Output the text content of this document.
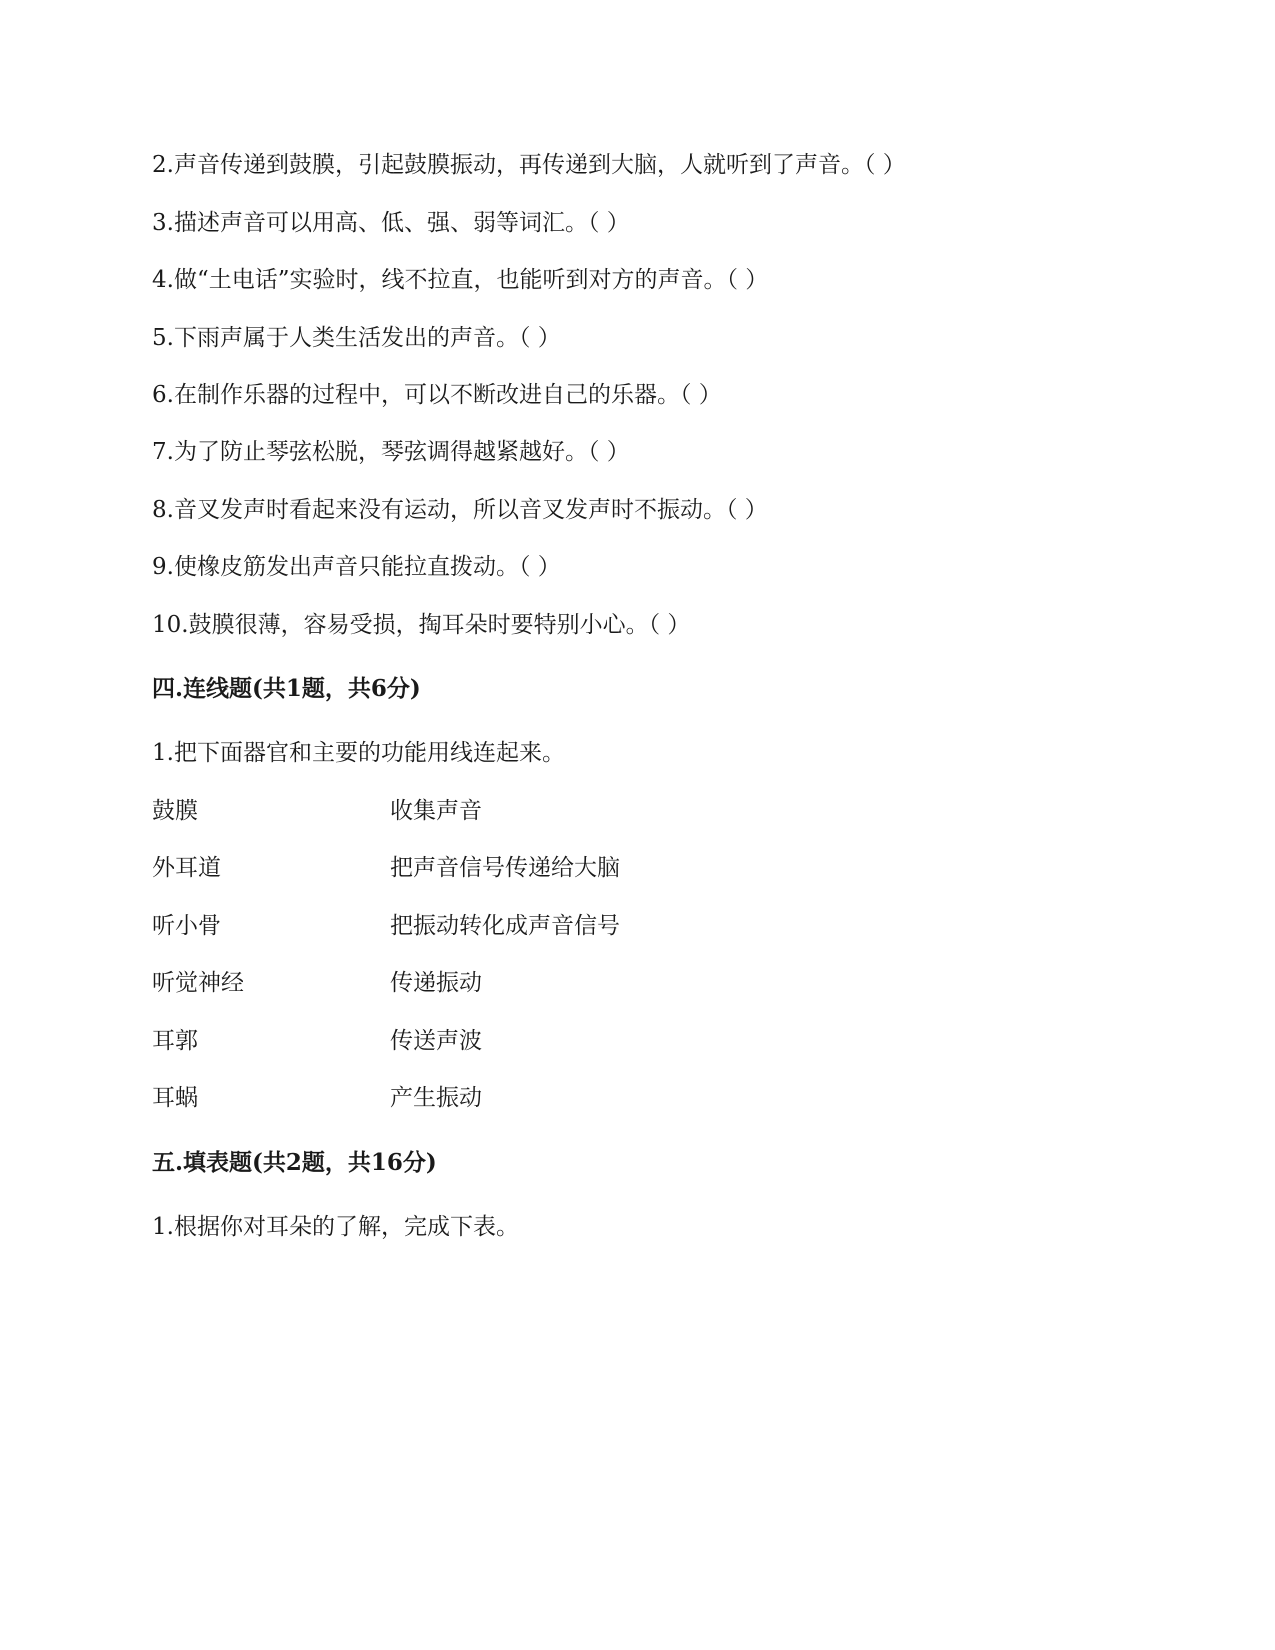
2.声音传递到鼓膜，引起鼓膜振动，再传递到大脑，人就听到了声音。（ ）
3.描述声音可以用高、低、强、弱等词汇。（ ）
4.做“土电话”实验时，线不拉直，也能听到对方的声音。（ ）
5.下雨声属于人类生活发出的声音。（ ）
6.在制作乐器的过程中，可以不断改进自己的乐器。（ ）
7.为了防止琴弦松脱，琴弦调得越紧越好。（ ）
8.音叉发声时看起来没有运动，所以音叉发声时不振动。（ ）
9.使橡皮筋发出声音只能拉直拨动。（ ）
10.鼓膜很薄，容易受损，掏耳朵时要特别小心。（ ）
四.连线题(共1题，共6分)
1.把下面器官和主要的功能用线连起来。
鼓膜	收集声音
外耳道	把声音信号传递给大脑
听小骨	把振动转化成声音信号
听觉神经	传递振动
耳郭	传送声波
耳蜗	产生振动
五.填表题(共2题，共16分)
1.根据你对耳朵的了解，完成下表。
